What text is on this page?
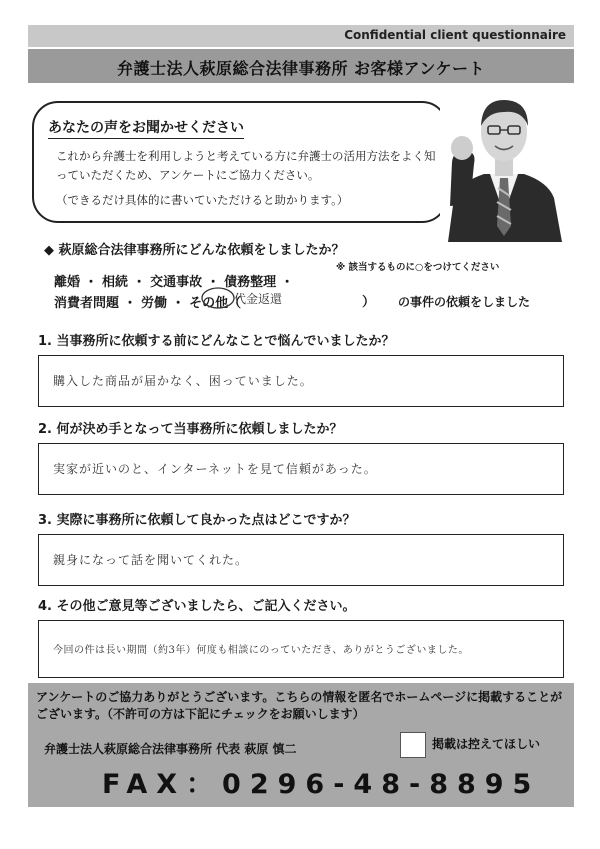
Confidential client questionnaire
弁護士法人萩原総合法律事務所 お客様アンケート
あなたの声をお聞かせください
これから弁護士を利用しようと考えている方に弁護士の活用方法をよく知っていただくため、アンケートにご協力ください。
（できるだけ具体的に書いていただけると助かります。）
◆ 萩原総合法律事務所にどんな依頼をしましたか？
※ 該当するものに○をつけてください
離婚 ・ 相続 ・ 交通事故 ・ 債務整理 ・
消費者問題 ・ 労働 ・ その他（
代金返還	） の事件の依頼をしました
1. 当事務所に依頼する前にどんなことで悩んでいましたか？
購入した商品が届かなく、困っていました。
2. 何が決め手となって当事務所に依頼しましたか？
実家が近いのと、インターネットを見て信頼があった。
3. 実際に事務所に依頼して良かった点はどこですか？
親身になって話を聞いてくれた。
4. その他ご意見等ございましたら、ご記入ください。
今回の件は長い期間（約3年）何度も相談にのっていただき、ありがとうございました。
アンケートのご協力ありがとうございます。こちらの情報を匿名でホームページに掲載することがございます。（不許可の方は下記にチェックをお願いします）
弁護士法人萩原総合法律事務所 代表 萩原 慎二	掲載は控えてほしい
FAX：0296-48-8895
